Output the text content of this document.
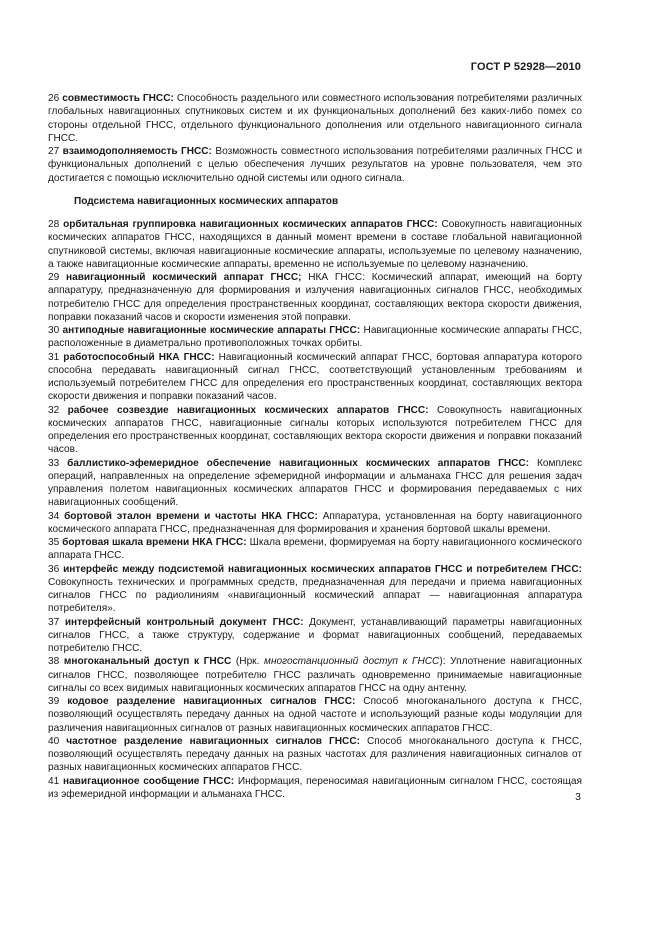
ГОСТ Р 52928—2010

26 совместимость ГНСС: Способность раздельного или совместного использования потребителями различных глобальных навигационных спутниковых систем и их функциональных дополнений без каких-либо помех со стороны отдельной ГНСС, отдельного функционального дополнения или отдельного навигационного сигнала ГНСС.

27 взаимодополняемость ГНСС: Возможность совместного использования потребителями различных ГНСС и функциональных дополнений с целью обеспечения лучших результатов на уровне пользователя, чем это достигается с помощью исключительно одной системы или одного сигнала.

Подсистема навигационных космических аппаратов

28 орбитальная группировка навигационных космических аппаратов ГНСС: Совокупность навигационных космических аппаратов ГНСС, находящихся в данный момент времени в составе глобальной навигационной спутниковой системы, включая навигационные космические аппараты, используемые по целевому назначению, а также навигационные космические аппараты, временно не используемые по целевому назначению.

29 навигационный космический аппарат ГНСС; НКА ГНСС: Космический аппарат, имеющий на борту аппаратуру, предназначенную для формирования и излучения навигационных сигналов ГНСС, необходимых потребителю ГНСС для определения пространственных координат, составляющих вектора скорости движения, поправки показаний часов и скорости изменения этой поправки.

30 антиподные навигационные космические аппараты ГНСС: Навигационные космические аппараты ГНСС, расположенные в диаметрально противоположных точках орбиты.

31 работоспособный НКА ГНСС: Навигационный космический аппарат ГНСС, бортовая аппаратура которого способна передавать навигационный сигнал ГНСС, соответствующий установленным требованиям и используемый потребителем ГНСС для определения его пространственных координат, составляющих вектора скорости движения и поправки показаний часов.

32 рабочее созвездие навигационных космических аппаратов ГНСС: Совокупность навигационных космических аппаратов ГНСС, навигационные сигналы которых используются потребителем ГНСС для определения его пространственных координат, составляющих вектора скорости движения и поправки показаний часов.

33 баллистико-эфемеридное обеспечение навигационных космических аппаратов ГНСС: Комплекс операций, направленных на определение эфемеридной информации и альманаха ГНСС для решения задач управления полетом навигационных космических аппаратов ГНСС и формирования передаваемых с них навигационных сообщений.

34 бортовой эталон времени и частоты НКА ГНСС: Аппаратура, установленная на борту навигационного космического аппарата ГНСС, предназначенная для формирования и хранения бортовой шкалы времени.

35 бортовая шкала времени НКА ГНСС: Шкала времени, формируемая на борту навигационного космического аппарата ГНСС.

36 интерфейс между подсистемой навигационных космических аппаратов ГНСС и потребителем ГНСС: Совокупность технических и программных средств, предназначенная для передачи и приема навигационных сигналов ГНСС по радиолиниям «навигационный космический аппарат — навигационная аппаратура потребителя».

37 интерфейсный контрольный документ ГНСС: Документ, устанавливающий параметры навигационных сигналов ГНСС, а также структуру, содержание и формат навигационных сообщений, передаваемых потребителю ГНСС.

38 многоканальный доступ к ГНСС (Нрк. многостанционный доступ к ГНСС): Уплотнение навигационных сигналов ГНСС, позволяющее потребителю ГНСС различать одновременно принимаемые навигационные сигналы со всех видимых навигационных космических аппаратов ГНСС на одну антенну.

39 кодовое разделение навигационных сигналов ГНСС: Способ многоканального доступа к ГНСС, позволяющий осуществлять передачу данных на одной частоте и использующий разные коды модуляции для различения навигационных сигналов от разных навигационных космических аппаратов ГНСС.

40 частотное разделение навигационных сигналов ГНСС: Способ многоканального доступа к ГНСС, позволяющий осуществлять передачу данных на разных частотах для различения навигационных сигналов от разных навигационных космических аппаратов ГНСС.

41 навигационное сообщение ГНСС: Информация, переносимая навигационным сигналом ГНСС, состоящая из эфемеридной информации и альманаха ГНСС.	3
